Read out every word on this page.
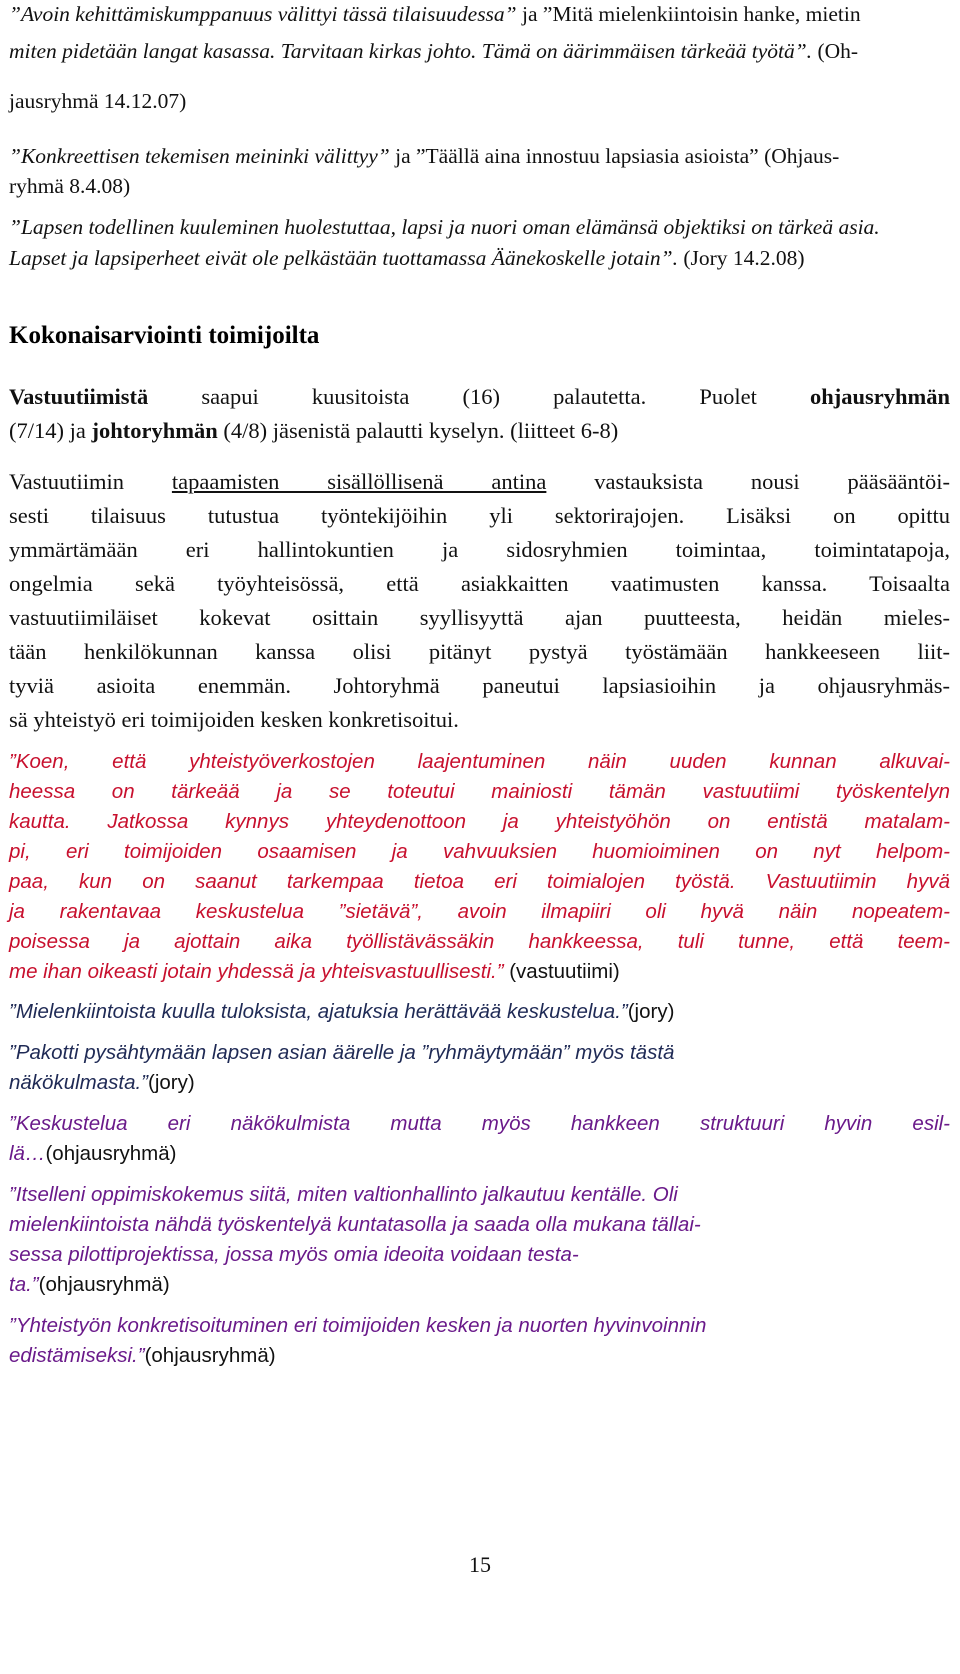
”Avoin kehittämiskumppanuus välittyi tässä tilaisuudessa” ja ”Mitä mielenkiintoisin hanke, mietin
miten pidetään langat kasassa. Tarvitaan kirkas johto. Tämä on äärimmäisen tärkeää työtä”. (Oh-
jausryhmä 14.12.07)
”Konkreettisen tekemisen meininki välittyy” ja ”Täällä aina innostuu lapsiasia asioista” (Ohjaus-
ryhmä 8.4.08)
”Lapsen todellinen kuuleminen huolestuttaa, lapsi ja nuori oman elämänsä objektiksi on tärkeä asia.
Lapset ja lapsiperheet eivät ole pelkästään tuottamassa Äänekoskelle jotain”. (Jory 14.2.08)
Kokonaisarviointi toimijoilta
Vastuutiimistä saapui kuusitoista (16) palautetta. Puolet ohjausryhmän
(7/14) ja johtoryhmän (4/8) jäsenistä palautti kyselyn. (liitteet 6-8)
Vastuutiimin tapaamisten sisällöllisenä antina vastauksista nousi pääsääntöi-
sesti tilaisuus tutustua työntekijöihin yli sektorirajojen. Lisäksi on opittu
ymmärtämään eri hallintokuntien ja sidosryhmien toimintaa, toimintatapoja,
ongelmia sekä työyhteisössä, että asiakkaitten vaatimusten kanssa. Toisaalta
vastuutiimiläiset kokevat osittain syyllisyyttä ajan puutteesta, heidän mieles-
tään henkilökunnan kanssa olisi pitänyt pystyä työstämään hankkeeseen liit-
tyviä asioita enemmän. Johtoryhmä paneutui lapsiasioihin ja ohjausryhmäs-
sä yhteistyö eri toimijoiden kesken konkretisoitui.
”Koen, että yhteistyöverkostojen laajentuminen näin uuden kunnan alkuvai-
heessa on tärkeää ja se toteutui mainiosti tämän vastuutiimi työskentelyn
kautta. Jatkossa kynnys yhteydenottoon ja yhteistyöhön on entistä matalam-
pi, eri toimijoiden osaamisen ja vahvuuksien huomioiminen on nyt helpom-
paa, kun on saanut tarkempaa tietoa eri toimialojen työstä. Vastuutiimin hyvä
ja rakentavaa keskustelua ”sietävä”, avoin ilmapiiri oli hyvä näin nopeatem-
poisessa ja ajottain aika työllistävässäkin hankkeessa, tuli tunne, että teem-
me ihan oikeasti jotain yhdessä ja yhteisvastuullisesti.” (vastuutiimi)
”Mielenkiintoista kuulla tuloksista, ajatuksia herättävää keskustelua.”(jory)
”Pakotti pysähtymään lapsen asian äärelle ja ”ryhmäytymään” myös tästä
näkökulmasta.”(jory)
”Keskustelua eri näkökulmista mutta myös hankkeen struktuuri hyvin esil-
lä…(ohjausryhmä)
”Itselleni oppimiskokemus siitä, miten valtionhallinto jalkautuu kentälle. Oli
mielenkiintoista nähdä työskentelyä kuntatasolla ja saada olla mukana tällai-
sessa pilottiprojektissa, jossa myös omia ideoita voidaan testa-
ta.”(ohjausryhmä)
”Yhteistyön konkretisoituminen eri toimijoiden kesken ja nuorten hyvinvoinnin
edistämiseksi.”(ohjausryhmä)
15
